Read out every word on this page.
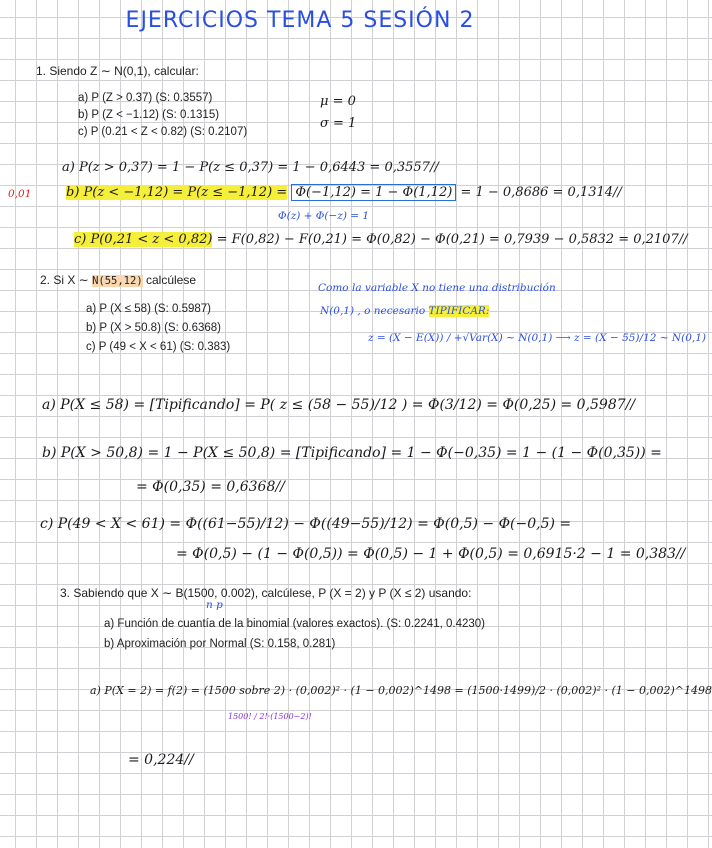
EJERCICIOS TEMA 5 SESIÓN 2
1. Siendo Z ∼ N(0,1), calcular:
a) P (Z > 0.37) (S: 0.3557)
b) P (Z < −1.12) (S: 0.1315)
c) P (0.21 < Z < 0.82) (S: 0.2107)
μ = 0
σ = 1
a) P(z > 0,37) = 1 − P(z ≤ 0,37) = 1 − 0,6443 = 0,3557//
0,01	b) P(z < −1,12) = P(z ≤ −1,12) = Φ(−1,12) = 1 − Φ(1,12) = 1 − 0,8686 = 0,1314//
Φ(z) + Φ(−z) = 1
c) P(0,21 < z < 0,82) = F(0,82) − F(0,21) = Φ(0,82) − Φ(0,21) = 0,7939 − 0,5832 = 0,2107//
2. Si X ∼ N(55,12) calcúlese
a) P (X ≤ 58) (S: 0.5987)
b) P (X > 50.8) (S: 0.6368)
c) P (49 < X < 61) (S: 0.383)
Como la variable X no tiene una distribución
N(0,1) , o necesario TIPIFICAR:
z = (X − E(X)) / +√Var(X) ∼ N(0,1) ⟶ z = (X − 55)/12 ∼ N(0,1)
a) P(X ≤ 58) = [Tipificando] = P( z ≤ (58 − 55)/12 ) = Φ(3/12) = Φ(0,25) = 0,5987//
b) P(X > 50,8) = 1 − P(X ≤ 50,8) = [Tipificando] = 1 − Φ(−0,35) = 1 − (1 − Φ(0,35)) =
= Φ(0,35) = 0,6368//
c) P(49 < X < 61) = Φ((61−55)/12) − Φ((49−55)/12) = Φ(0,5) − Φ(−0,5) =
= Φ(0,5) − (1 − Φ(0,5)) = Φ(0,5) − 1 + Φ(0,5) = 0,6915·2 − 1 = 0,383//
3. Sabiendo que X ∼ B(1500, 0.002), calcúlese, P (X = 2) y P (X ≤ 2) usando:
n p
a) Función de cuantía de la binomial (valores exactos). (S: 0.2241, 0.4230)
b) Aproximación por Normal (S: 0.158, 0.281)
a) P(X = 2) = f(2) = (1500 sobre 2) · (0,002)² · (1 − 0,002)^1498 = (1500·1499)/2 · (0,002)² · (1 − 0,002)^1498
1500! / 2!·(1500−2)!
= 0,224//
